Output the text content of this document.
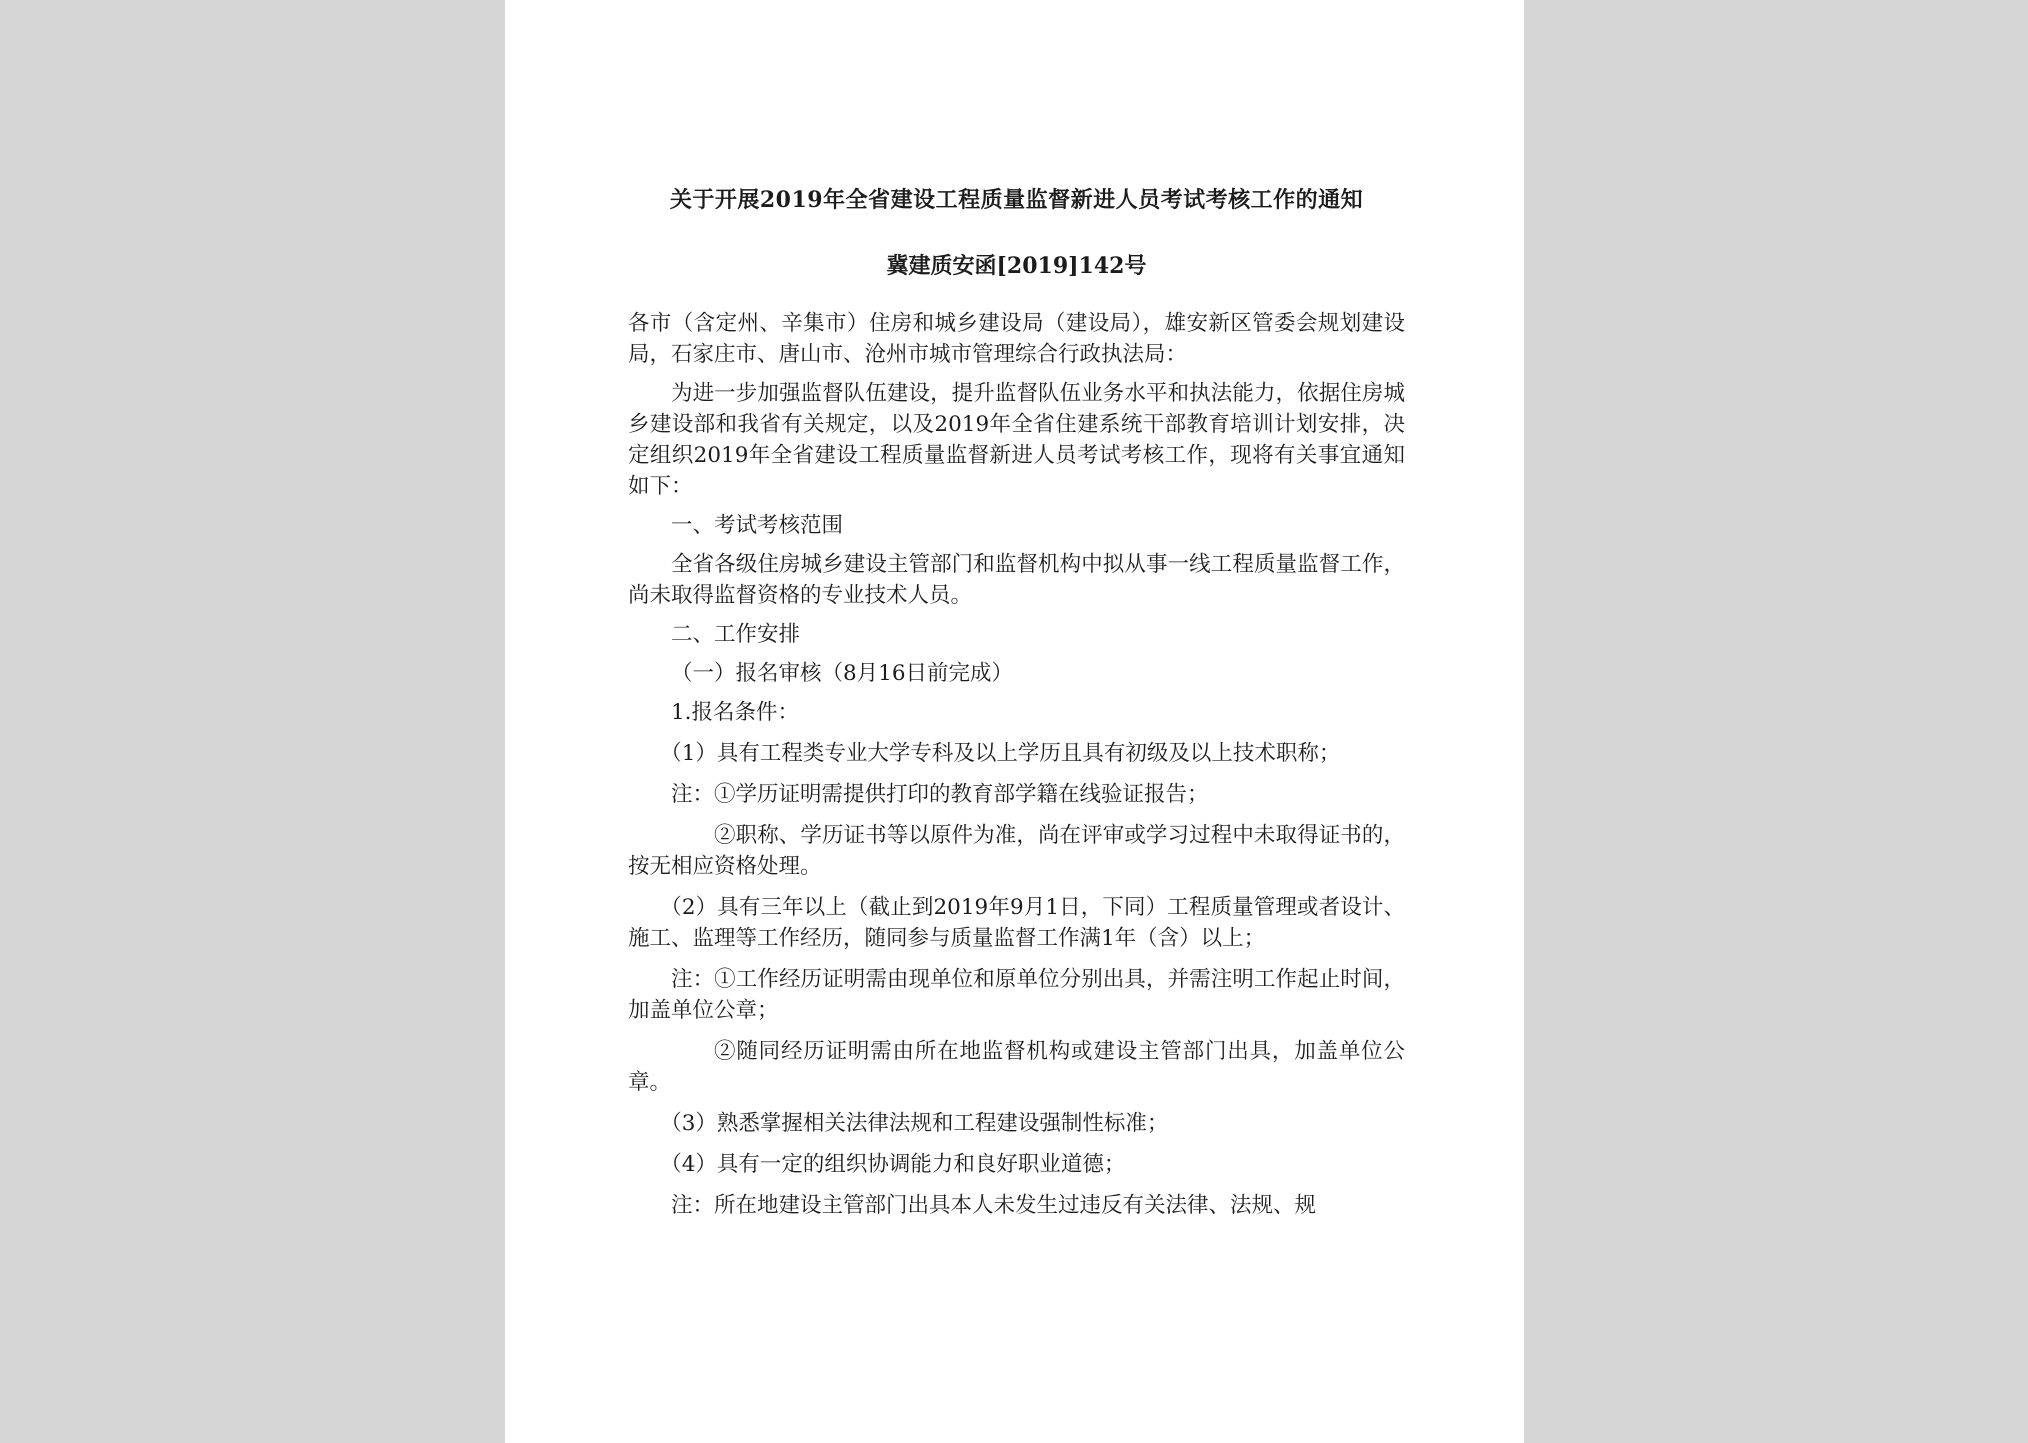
关于开展2019年全省建设工程质量监督新进人员考试考核工作的通知

冀建质安函[2019]142号

各市（含定州、辛集市）住房和城乡建设局（建设局），雄安新区管委会规划建设局，石家庄市、唐山市、沧州市城市管理综合行政执法局：

为进一步加强监督队伍建设，提升监督队伍业务水平和执法能力，依据住房城乡建设部和我省有关规定，以及2019年全省住建系统干部教育培训计划安排，决定组织2019年全省建设工程质量监督新进人员考试考核工作，现将有关事宜通知如下：

一、考试考核范围

全省各级住房城乡建设主管部门和监督机构中拟从事一线工程质量监督工作，尚未取得监督资格的专业技术人员。

二、工作安排

（一）报名审核（8月16日前完成）

1.报名条件：

（1）具有工程类专业大学专科及以上学历且具有初级及以上技术职称；

注：①学历证明需提供打印的教育部学籍在线验证报告；

②职称、学历证书等以原件为准，尚在评审或学习过程中未取得证书的，按无相应资格处理。

（2）具有三年以上（截止到2019年9月1日，下同）工程质量管理或者设计、施工、监理等工作经历，随同参与质量监督工作满1年（含）以上；

注：①工作经历证明需由现单位和原单位分别出具，并需注明工作起止时间，加盖单位公章；

②随同经历证明需由所在地监督机构或建设主管部门出具，加盖单位公章。

（3）熟悉掌握相关法律法规和工程建设强制性标准；

（4）具有一定的组织协调能力和良好职业道德；

注：所在地建设主管部门出具本人未发生过违反有关法律、法规、规
